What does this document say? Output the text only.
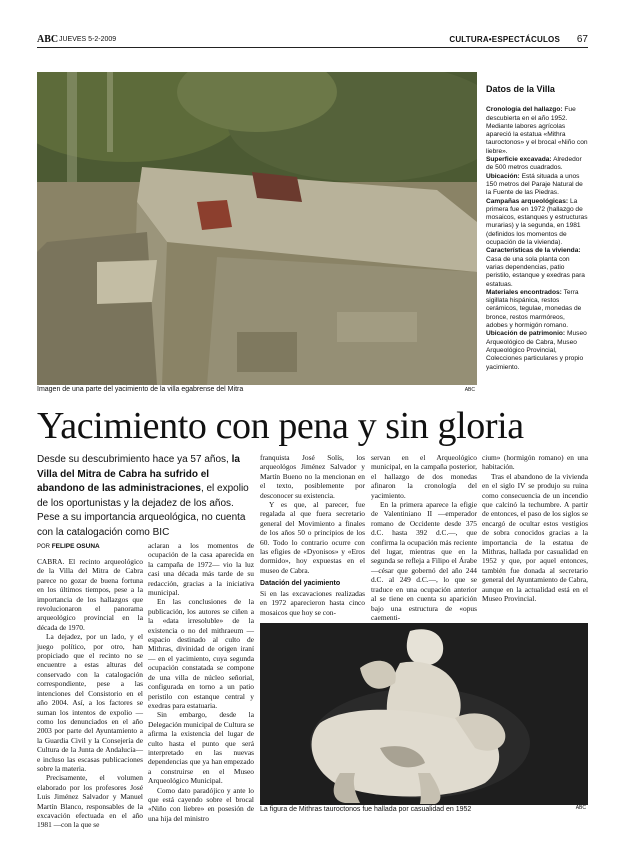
ABC JUEVES 5-2-2009	CULTURA•ESPECTÁCULOS 67
Imagen de una parte del yacimiento de la villa egabrense del Mitra	ABC
Datos de la Villa
Cronología del hallazgo: Fue descubierta en el año 1952. Mediante labores agrícolas apareció la estatua «Mithra tauroctonos» y el brocal «Niño con liebre».
Superficie excavada: Alrededor de 500 metros cuadrados.
Ubicación: Está situada a unos 150 metros del Paraje Natural de la Fuente de las Piedras.
Campañas arqueológicas: La primera fue en 1972 (hallazgo de mosaicos, estanques y estructuras murarias) y la segunda, en 1981 (definidos los momentos de ocupación de la vivienda).
Características de la vivienda: Casa de una sola planta con varias dependencias, patio peristilo, estanque y exedras para estatuas.
Materiales encontrados: Terra sigillata hispánica, restos cerámicos, tegulae, monedas de bronce, restos marmóreos, adobes y hormigón romano.
Ubicación de patrimonio: Museo Arqueológico de Cabra, Museo Arqueológico Provincial, Colecciones particulares y propio yacimiento.
Yacimiento con pena y sin gloria
Desde su descubrimiento hace ya 57 años, la Villa del Mitra de Cabra ha sufrido el abandono de las administraciones, el expolio de los oportunistas y la dejadez de los años. Pese a su importancia arqueológica, no cuenta con la catalogación como BIC
POR FELIPE OSUNA

CABRA. El recinto arqueológico de la Villa del Mitra de Cabra parece no gozar de buena fortuna en los últimos tiempos, pese a la importancia de los hallazgos que revolucionaron el panorama arqueológico provincial en la década de 1970.

La dejadez, por un lado, y el juego político, por otro, han propiciado que el recinto no se encuentre a estas alturas del conservado con la catalogación correspondiente, pese a las intenciones del Consistorio en el año 2004. Así, a los factores se suman los intentos de expolio —como los denunciados en el año 2003 por parte del Ayuntamiento a la Guardia Civil y la Consejería de Cultura de la Junta de Andalucía— e incluso las escasas publicaciones sobre la materia.

Precisamente, el volumen elaborado por los profesores José Luis Jiménez Salvador y Manuel Martín Blanco, responsables de la excavación efectuada en el año 1981 —con la que se

aclaran a los momentos de ocupación de la casa aparecida en la campaña de 1972— vio la luz casi una década más tarde de su redacción, gracias a la iniciativa municipal.

En las conclusiones de la publicación, los autores se ciñen a la «data irresoluble» de la existencia o no del mithraeum —espacio destinado al culto de Mithras, divinidad de origen iraní— en el yacimiento, cuya segunda ocupación constatada se compone de una villa de núcleo señorial, configurada en torno a un patio peristilo con estanque central y exedras para estatuaria.

Sin embargo, desde la Delegación municipal de Cultura se afirma la existencia del lugar de culto hasta el punto que será interpretado en las nuevas dependencias que ya han empezado a construirse en el Museo Arqueológico Municipal.

Como dato paradójico y ante lo que está cayendo sobre el brocal «Niño con liebre» en posesión de una hija del ministro

franquista José Solís, los arqueológos Jiménez Salvador y Martín Bueno no la mencionan en el texto, posiblemente por desconocer su existencia.

Y es que, al parecer, fue regalada al que fuera secretario general del Movimiento a finales de los años 50 o principios de los 60. Todo lo contrario ocurre con las efigies de «Dyonisos» y «Eros dormido», hoy expuestas en el museo de Cabra.

Datación del yacimiento

Si en las excavaciones realizadas en 1972 aparecieron hasta cinco mosaicos que hoy se con-

servan en el Arqueológico municipal, en la campaña posterior, el hallazgo de dos monedas afinaron la cronología del yacimiento.

En la primera aparece la efigie de Valentiniano II —emperador romano de Occidente desde 375 d.C. hasta 392 d.C.—, que confirma la ocupación más reciente del lugar, mientras que en la segunda se refleja a Filipo el Árabe —césar que gobernó del año 244 d.C. al 249 d.C.—, lo que se traduce en una ocupación anterior al se tiene en cuenta su aparición bajo una estructura de «opus caementi-

cium» (hormigón romano) en una habitación.

Tras el abandono de la vivienda en el siglo IV se produjo su ruina como consecuencia de un incendio que calcinó la techumbre. A partir de entonces, el paso de los siglos se encargó de ocultar estos vestigios de sobra conocidos gracias a la importancia de la estatua de Mithras, hallada por casualidad en 1952 y que, por aquel entonces, también fue donada al secretario general del Ayuntamiento de Cabra, aunque en la actualidad está en el Museo Provincial.

La figura de Mithras tauroctonos fue hallada por casualidad en 1952	ABC
